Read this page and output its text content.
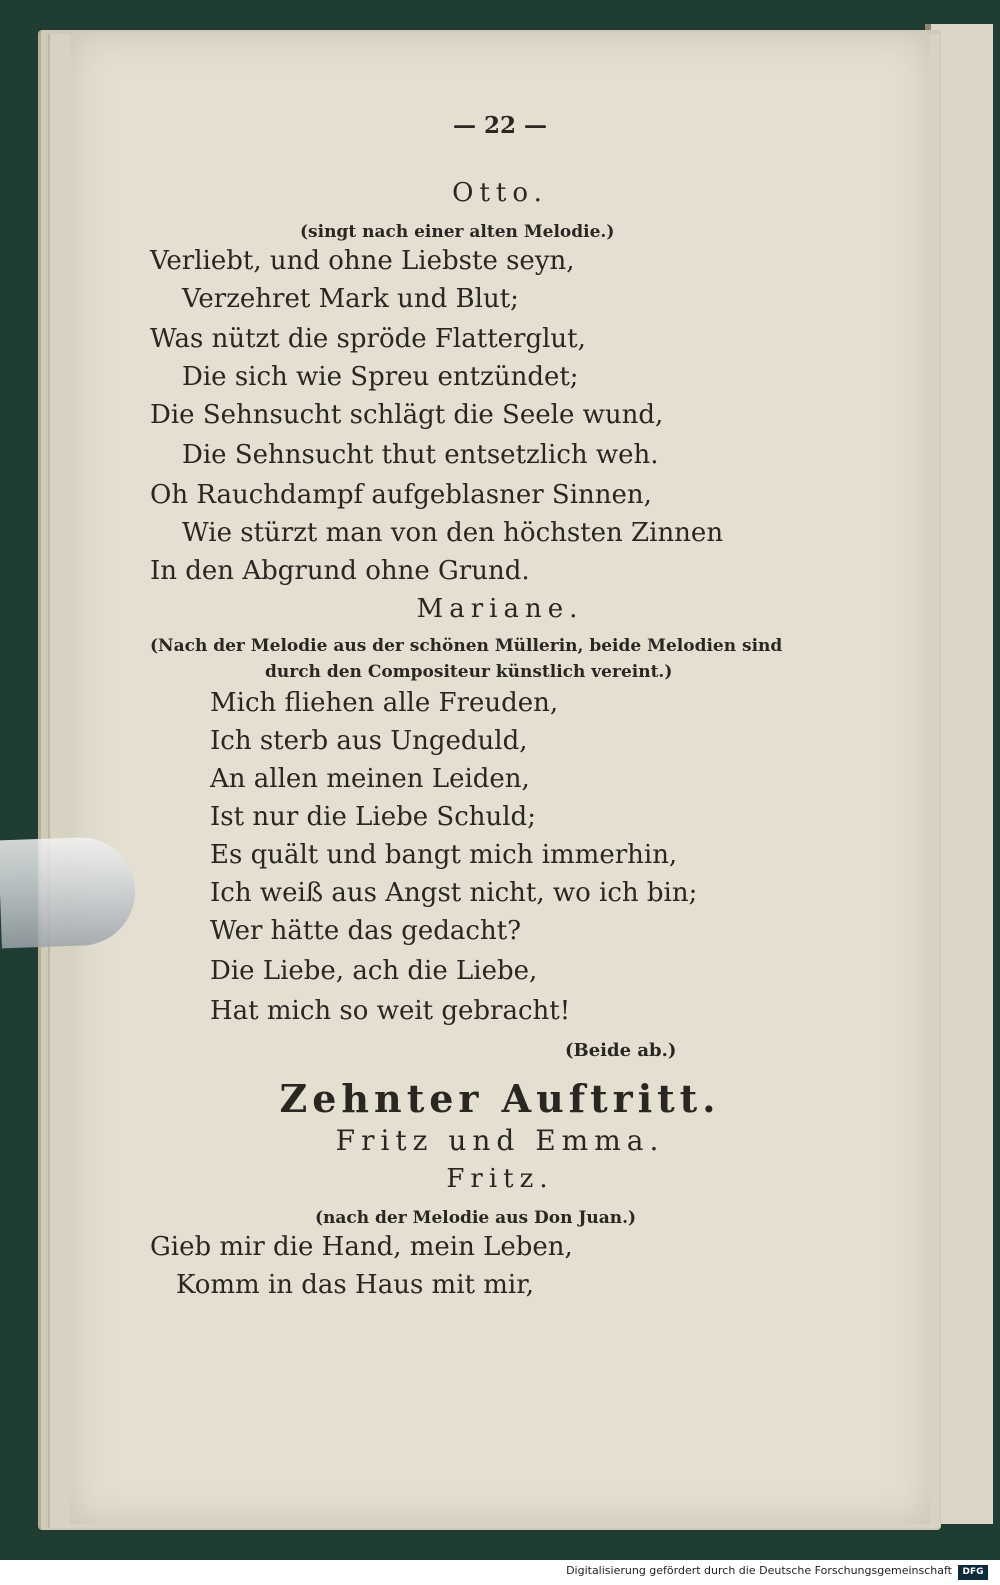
— 22 —
Otto.
(singt nach einer alten Melodie.)
Verliebt, und ohne Liebste seyn,
Verzehret Mark und Blut;
Was nützt die spröde Flatterglut,
Die sich wie Spreu entzündet;
Die Sehnsucht schlägt die Seele wund,
Die Sehnsucht thut entsetzlich weh.
Oh Rauchdampf aufgeblasner Sinnen,
Wie stürzt man von den höchsten Zinnen
In den Abgrund ohne Grund.
Mariane.
(Nach der Melodie aus der schönen Müllerin, beide Melodien sind
durch den Compositeur künstlich vereint.)
Mich fliehen alle Freuden,
Ich sterb aus Ungeduld,
An allen meinen Leiden,
Ist nur die Liebe Schuld;
Es quält und bangt mich immerhin,
Ich weiß aus Angst nicht, wo ich bin;
Wer hätte das gedacht?
Die Liebe, ach die Liebe,
Hat mich so weit gebracht!
(Beide ab.)
Zehnter Auftritt.
Fritz und Emma.
Fritz.
(nach der Melodie aus Don Juan.)
Gieb mir die Hand, mein Leben,
Komm in das Haus mit mir,
Digitalisierung gefördert durch die Deutsche Forschungsgemeinschaft	DFG
